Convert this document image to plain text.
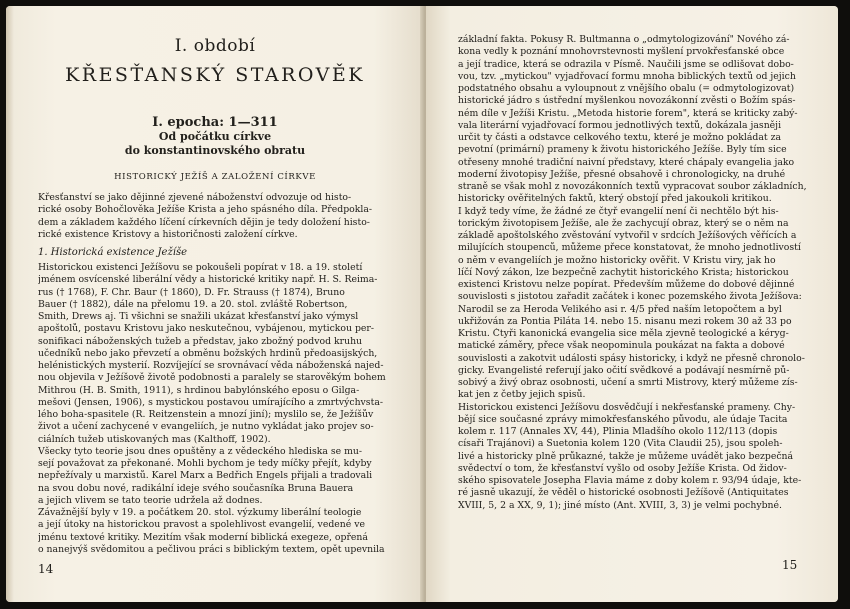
I. období
KŘESŤANSKÝ STAROVĚK
I. epocha: 1—311
Od počátku církve
do konstantinovského obratu
HISTORICKÝ JEŽÍŠ A ZALOŽENÍ CÍRKVE
Křesťanství se jako dějinné zjevené náboženství odvozuje od histo-
rické osoby Bohočlověka Ježíše Krista a jeho spásného díla. Předpokla-
dem a základem každého líčení církevních dějin je tedy doložení histo-
rické existence Kristovy a historičnosti založení církve.
1. Historická existence Ježíše
Historickou existenci Ježíšovu se pokoušeli popírat v 18. a 19. století
jménem osvícenské liberální vědy a historické kritiky např. H. S. Reima-
rus († 1768), F. Chr. Baur († 1860), D. Fr. Strauss († 1874), Bruno
Bauer († 1882), dále na přelomu 19. a 20. stol. zvláště Robertson,
Smith, Drews aj. Ti všichni se snažili ukázat křesťanství jako výmysl
apoštolů, postavu Kristovu jako neskutečnou, vybájenou, mytickou per-
sonifikaci náboženských tužeb a představ, jako zbožný podvod kruhu
učedníků nebo jako převzetí a obměnu božských hrdinů předoasijských,
helénistických mysterií. Rozvíjející se srovnávací věda náboženská najed-
nou objevila v Ježíšově životě podobnosti a paralely se starověkým bohem
Mithrou (H. B. Smith, 1911), s hrdinou babylónského eposu o Gilga-
mešovi (Jensen, 1906), s mystickou postavou umírajícího a zmrtvýchvsta-
lého boha-spasitele (R. Reitzenstein a mnozí jiní); myslilo se, že Ježíšův
život a učení zachycené v evangeliích, je nutno vykládat jako projev so-
ciálních tužeb utiskovaných mas (Kalthoff, 1902).
Všecky tyto teorie jsou dnes opuštěny a z vědeckého hlediska se mu-
sejí považovat za překonané. Mohli bychom je tedy míčky přejít, kdyby
nepřežívaly u marxistů. Karel Marx a Bedřich Engels přijali a tradovali
na svou dobu nové, radikální ideje svého současníka Bruna Bauera
a jejich vlivem se tato teorie udržela až dodnes.
Závažnější byly v 19. a počátkem 20. stol. výzkumy liberální teologie
a její útoky na historickou pravost a spolehlivost evangelií, vedené ve
jménu textové kritiky. Mezitím však moderní biblická exegeze, opřená
o nanejvýš svědomitou a pečlivou práci s biblickým textem, opět upevnila
14
základní fakta. Pokusy R. Bultmanna o „odmytologizování" Nového zá-
kona vedly k poznání mnohovrstevnosti myšlení prvokřesťanské obce
a její tradice, která se odrazila v Písmě. Naučili jsme se odlišovat dobo-
vou, tzv. „mytickou" vyjadřovací formu mnoha biblických textů od jejich
podstatného obsahu a vyloupnout z vnějšího obalu (= odmytologizovat)
historické jádro s ústřední myšlenkou novozákonní zvěsti o Božím spás-
ném díle v Ježíši Kristu. „Metoda historie forem", která se kriticky zabý-
vala literární vyjadřovací formou jednotlivých textů, dokázala jasněji
určit ty části a odstavce celkového textu, které je možno pokládat za
pevotní (primární) prameny k životu historického Ježíše. Byly tím sice
otřeseny mnohé tradiční naivní představy, které chápaly evangelia jako
moderní životopisy Ježíše, přesné obsahově i chronologicky, na druhé
straně se však mohl z novozákonních textů vypracovat soubor základních,
historicky ověřitelných faktů, který obstojí před jakoukoli kritikou.
I když tedy víme, že žádné ze čtyř evangelií není či nechtělo být his-
torickým životopisem Ježíše, ale že zachycují obraz, který se o něm na
základě apoštolského zvěstování vytvořil v srdcích Ježíšových věřících a
milujících stoupenců, můžeme přece konstatovat, že mnoho jednotlivostí
o něm v evangeliích je možno historicky ověřit. V Kristu viry, jak ho
líčí Nový zákon, lze bezpečně zachytit historického Krista; historickou
existenci Kristovu nelze popírat. Především můžeme do dobové dějinné
souvislosti s jistotou zařadit začátek i konec pozemského života Ježíšova:
Narodil se za Heroda Velikého asi r. 4/5 před naším letopočtem a byl
ukřižován za Pontia Piláta 14. nebo 15. nisanu mezi rokem 30 až 33 po
Kristu. Čtyři kanonická evangelia sice měla zjevně teologické a kéryg-
matické záměry, přece však neopominula poukázat na fakta a dobové
souvislosti a zakotvit události spásy historicky, i když ne přesně chronolo-
gicky. Evangelisté referují jako očití svědkové a podávají nesmírně pů-
sobivý a živý obraz osobnosti, učení a smrti Mistrovy, který můžeme zís-
kat jen z četby jejich spisů.
Historickou existenci Ježíšovu dosvědčují i nekřesťanské prameny. Chy-
bějí sice současné zprávy mimokřesťanského původu, ale údaje Tacita
kolem r. 117 (Annales XV, 44), Plinia Mladšího okolo 112/113 (dopis
císaři Trajánovi) a Suetonia kolem 120 (Vita Claudii 25), jsou spoleh-
livé a historicky plně průkazné, takže je můžeme uvádět jako bezpečná
svědectví o tom, že křesťanství vyšlo od osoby Ježíše Krista. Od židov-
ského spisovatele Josepha Flavia máme z doby kolem r. 93/94 údaje, kte-
ré jasně ukazují, že věděl o historické osobnosti Ježíšově (Antiquitates
XVIII, 5, 2 a XX, 9, 1); jiné místo (Ant. XVIII, 3, 3) je velmi pochybné.
15
